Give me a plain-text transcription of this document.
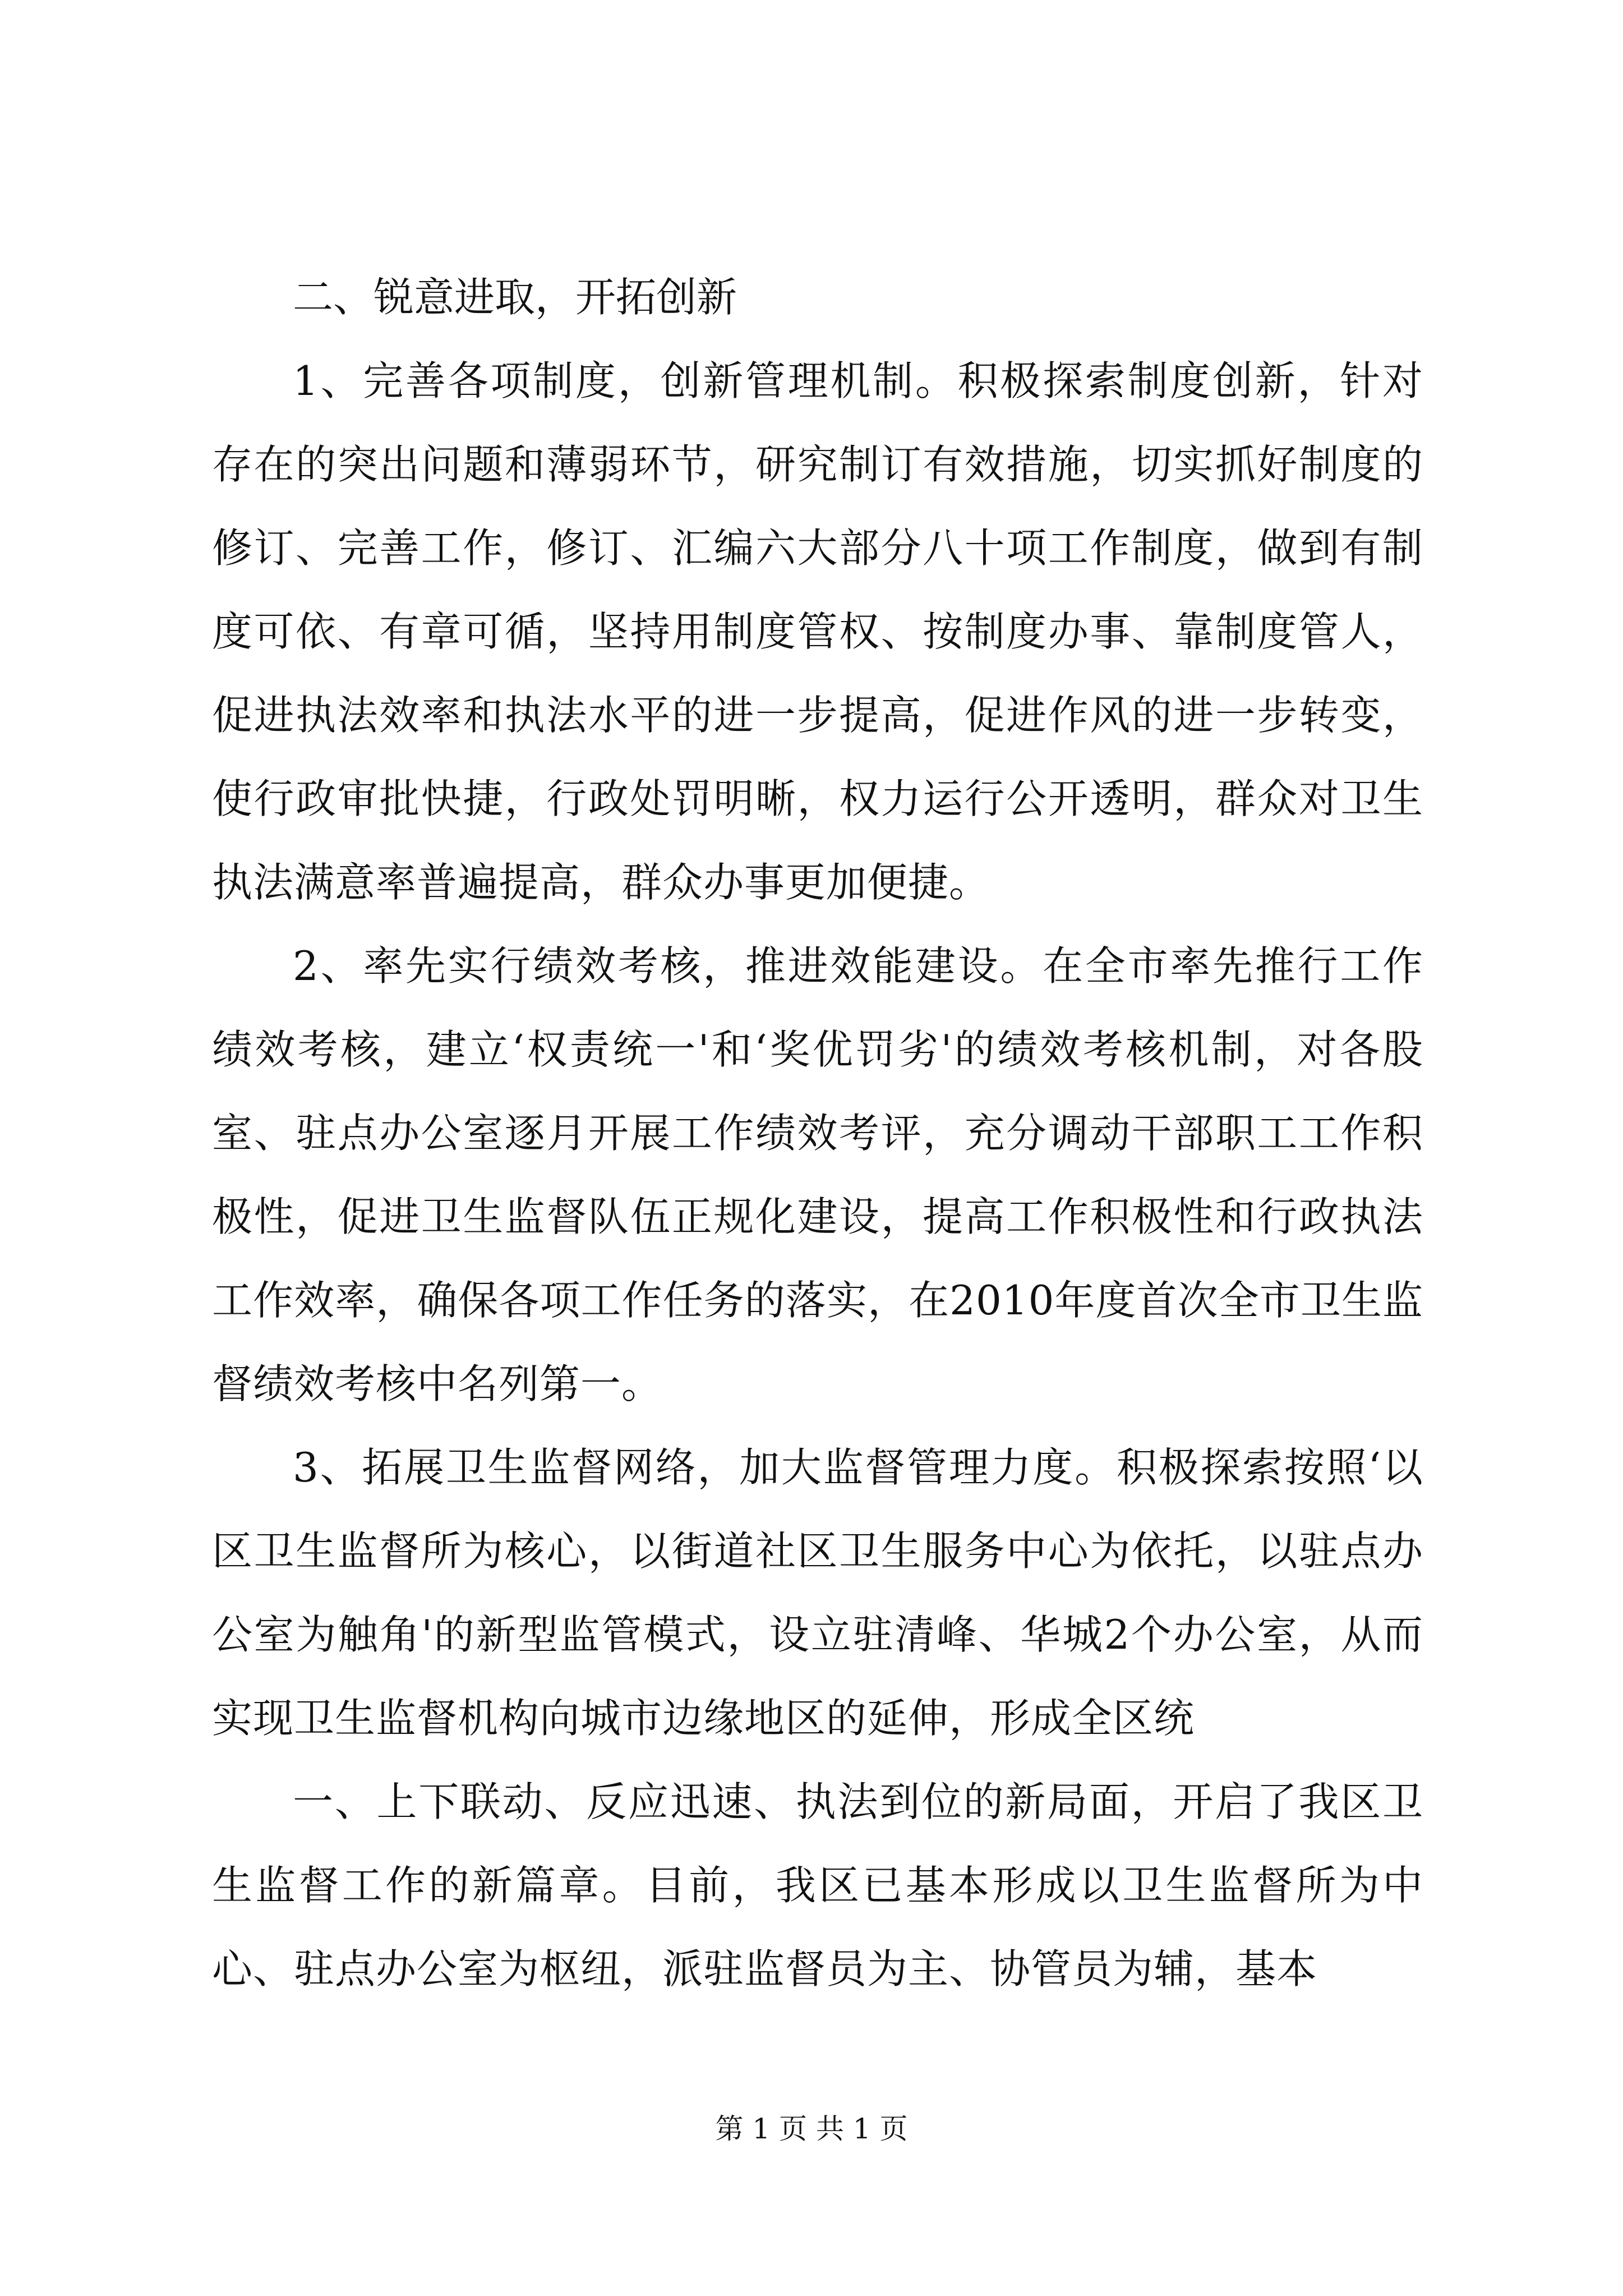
二、锐意进取，开拓创新

1、完善各项制度，创新管理机制。积极探索制度创新，针对存在的突出问题和薄弱环节，研究制订有效措施，切实抓好制度的修订、完善工作，修订、汇编六大部分八十项工作制度，做到有制度可依、有章可循，坚持用制度管权、按制度办事、靠制度管人，促进执法效率和执法水平的进一步提高，促进作风的进一步转变，使行政审批快捷，行政处罚明晰，权力运行公开透明，群众对卫生执法满意率普遍提高，群众办事更加便捷。

2、率先实行绩效考核，推进效能建设。在全市率先推行工作绩效考核，建立‘权责统一'和‘奖优罚劣'的绩效考核机制，对各股室、驻点办公室逐月开展工作绩效考评，充分调动干部职工工作积极性，促进卫生监督队伍正规化建设，提高工作积极性和行政执法工作效率，确保各项工作任务的落实，在2010年度首次全市卫生监督绩效考核中名列第一。

3、拓展卫生监督网络，加大监督管理力度。积极探索按照‘以区卫生监督所为核心，以街道社区卫生服务中心为依托，以驻点办公室为触角'的新型监管模式，设立驻清峰、华城2个办公室，从而实现卫生监督机构向城市边缘地区的延伸，形成全区统

一、上下联动、反应迅速、执法到位的新局面，开启了我区卫生监督工作的新篇章。目前，我区已基本形成以卫生监督所为中心、驻点办公室为枢纽，派驻监督员为主、协管员为辅，基本

第 1 页 共 1 页
